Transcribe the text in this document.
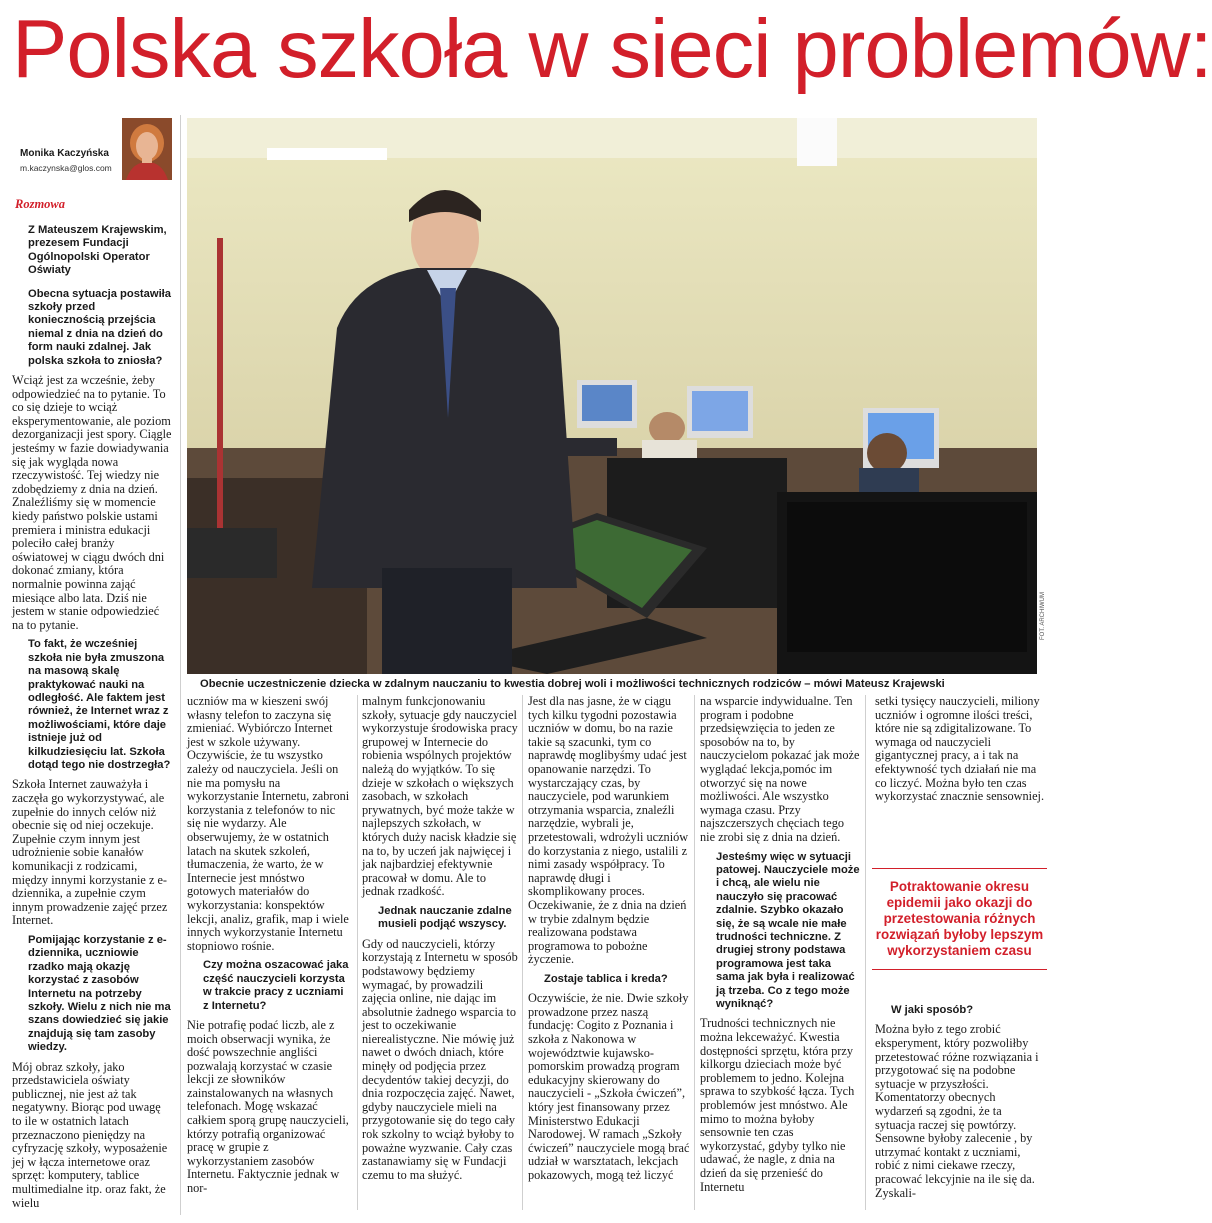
Polska szkoła w sieci problemów:
Monika Kaczyńska
m.kaczynska@glos.com
Rozmowa

Z Mateuszem Krajewskim, prezesem Fundacji Ogólnopolski Operator Oświaty

Obecna sytuacja postawiła szkoły przed koniecznością przejścia niemal z dnia na dzień do form nauki zdalnej. Jak polska szkoła to zniosła?

Wciąż jest za wcześnie, żeby odpowiedzieć na to pytanie. To co się dzieje to wciąż eksperymentowanie, ale poziom dezorganizacji jest spory. Ciągle jesteśmy w fazie dowiadywania się jak wygląda nowa rzeczywistość. Tej wiedzy nie zdobędziemy z dnia na dzień. Znaleźliśmy się w momencie kiedy państwo polskie ustami premiera i ministra edukacji poleciło całej branży oświatowej w ciągu dwóch dni dokonać zmiany, która normalnie powinna zająć miesiące albo lata. Dziś nie jestem w stanie odpowiedzieć na to pytanie.

To fakt, że wcześniej szkoła nie była zmuszona na masową skalę praktykować nauki na odległość. Ale faktem jest również, że Internet wraz z możliwościami, które daje istnieje już od kilkudziesięciu lat. Szkoła dotąd tego nie dostrzegła?

Szkoła Internet zauważyła i zaczęła go wykorzystywać, ale zupełnie do innych celów niż obecnie się od niej oczekuje. Zupełnie czym innym jest udrożnienie sobie kanałów komunikacji z rodzicami, między innymi korzystanie z e-dziennika, a zupełnie czym innym prowadzenie zajęć przez Internet.

Pomijając korzystanie z e-dziennika, uczniowie rzadko mają okazję korzystać z zasobów Internetu na potrzeby szkoły. Wielu z nich nie ma szans dowiedzieć się jakie znajdują się tam zasoby wiedzy.

Mój obraz szkoły, jako przedstawiciela oświaty publicznej, nie jest aż tak negatywny. Biorąc pod uwagę to ile w ostatnich latach przeznaczono pieniędzy na cyfryzację szkoły, wyposażenie jej w łącza internetowe oraz sprzęt: komputery, tablice multimedialne itp. oraz fakt, że wielu

FOT. ARCHIWUM
Obecnie uczestniczenie dziecka w zdalnym nauczaniu to kwestia dobrej woli i możliwości technicznych rodziców – mówi Mateusz Krajewski

uczniów ma w kieszeni swój własny telefon to zaczyna się zmieniać. Wybiórczo Internet jest w szkole używany. Oczywiście, że tu wszystko zależy od nauczyciela. Jeśli on nie ma pomysłu na wykorzystanie Internetu, zabroni korzystania z telefonów to nic się nie wydarzy. Ale obserwujemy, że w ostatnich latach na skutek szkoleń, tłumaczenia, że warto, że w Internecie jest mnóstwo gotowych materiałów do wykorzystania: konspektów lekcji, analiz, grafik, map i wiele innych wykorzystanie Internetu stopniowo rośnie.

Czy można oszacować jaka część nauczycieli korzysta w trakcie pracy z uczniami z Internetu?

Nie potrafię podać liczb, ale z moich obserwacji wynika, że dość powszechnie angliści pozwalają korzystać w czasie lekcji ze słowników zainstalowanych na własnych telefonach. Mogę wskazać całkiem sporą grupę nauczycieli, którzy potrafią organizować pracę w grupie z wykorzystaniem zasobów Internetu. Faktycznie jednak w nor-

malnym funkcjonowaniu szkoły, sytuacje gdy nauczyciel wykorzystuje środowiska pracy grupowej w Internecie do robienia wspólnych projektów należą do wyjątków. To się dzieje w szkołach o większych zasobach, w szkołach prywatnych, być może także w najlepszych szkołach, w których duży nacisk kładzie się na to, by uczeń jak najwięcej i jak najbardziej efektywnie pracował w domu. Ale to jednak rzadkość.

Jednak nauczanie zdalne musieli podjąć wszyscy.

Gdy od nauczycieli, którzy korzystają z Internetu w sposób podstawowy będziemy wymagać, by prowadzili zajęcia online, nie dając im absolutnie żadnego wsparcia to jest to oczekiwanie nierealistyczne. Nie mówię już nawet o dwóch dniach, które minęły od podjęcia przez decydentów takiej decyzji, do dnia rozpoczęcia zajęć. Nawet, gdyby nauczyciele mieli na przygotowanie się do tego cały rok szkolny to wciąż byłoby to poważne wyzwanie. Cały czas zastanawiamy się w Fundacji czemu to ma służyć.

Jest dla nas jasne, że w ciągu tych kilku tygodni pozostawia uczniów w domu, bo na razie takie są szacunki, tym co naprawdę moglibyśmy udać jest opanowanie narzędzi. To wystarczający czas, by nauczyciele, pod warunkiem otrzymania wsparcia, znaleźli narzędzie, wybrali je, przetestowali, wdrożyli uczniów do korzystania z niego, ustalili z nimi zasady współpracy. To naprawdę długi i skomplikowany proces. Oczekiwanie, że z dnia na dzień w trybie zdalnym będzie realizowana podstawa programowa to pobożne życzenie.

Zostaje tablica i kreda?

Oczywiście, że nie. Dwie szkoły prowadzone przez naszą fundację: Cogito z Poznania i szkoła z Nakonowa w województwie kujawsko-pomorskim prowadzą program edukacyjny skierowany do nauczycieli - „Szkoła ćwiczeń”, który jest finansowany przez Ministerstwo Edukacji Narodowej. W ramach „Szkoły ćwiczeń” nauczyciele mogą brać udział w warsztatach, lekcjach pokazowych, mogą też liczyć

na wsparcie indywidualne. Ten program i podobne przedsięwzięcia to jeden ze sposobów na to, by nauczycielom pokazać jak może wyglądać lekcja,pomóc im otworzyć się na nowe możliwości. Ale wszystko wymaga czasu. Przy najszczerszych chęciach tego nie zrobi się z dnia na dzień.

Jesteśmy więc w sytuacji patowej. Nauczyciele może i chcą, ale wielu nie nauczyło się pracować zdalnie. Szybko okazało się, że są wcale nie małe trudności techniczne. Z drugiej strony podstawa programowa jest taka sama jak była i realizować ją trzeba. Co z tego może wyniknąć?

Trudności technicznych nie można lekceważyć. Kwestia dostępności sprzętu, która przy kilkorgu dzieciach może być problemem to jedno. Kolejna sprawa to szybkość łącza. Tych problemów jest mnóstwo. Ale mimo to można byłoby sensownie ten czas wykorzystać, gdyby tylko nie udawać, że nagle, z dnia na dzień da się przenieść do Internetu

setki tysięcy nauczycieli, miliony uczniów i ogromne ilości treści, które nie są zdigitalizowane. To wymaga od nauczycieli gigantycznej pracy, a i tak na efektywność tych działań nie ma co liczyć. Można było ten czas wykorzystać znacznie sensowniej.

Potraktowanie okresu epidemii jako okazji do przetestowania różnych rozwiązań byłoby lepszym wykorzystaniem czasu

W jaki sposób?

Można było z tego zrobić eksperyment, który pozwoliłby przetestować różne rozwiązania i przygotować się na podobne sytuacje w przyszłości. Komentatorzy obecnych wydarzeń są zgodni, że ta sytuacja raczej się powtórzy. Sensowne byłoby zalecenie , by utrzymać kontakt z uczniami, robić z nimi ciekawe rzeczy, pracować lekcyjnie na ile się da. Zyskali-
